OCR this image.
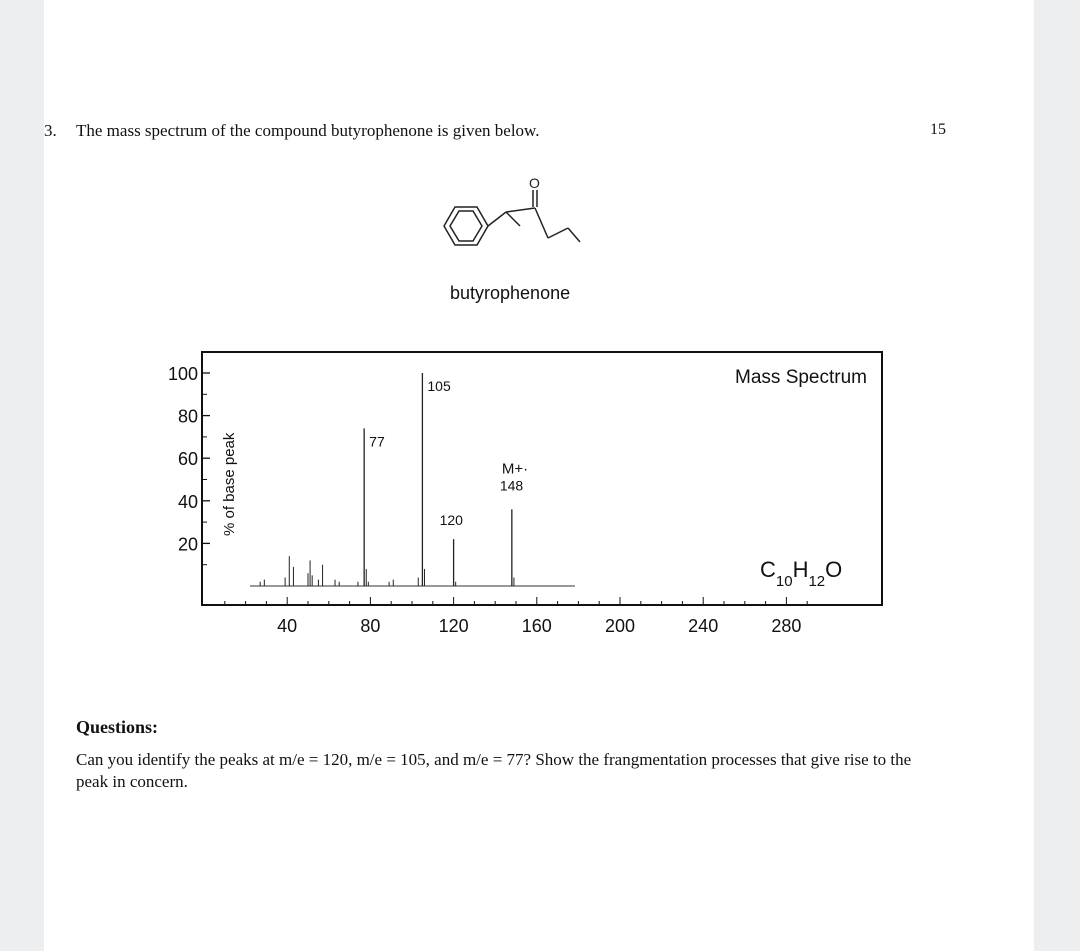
3. The mass spectrum of the compound butyrophenone is given below.	15
O
butyrophenone
Mass Spectrum
$C_{10}H_{12}O$
% of base peak
20
40
60
80
100
40	80	120	160	200	240	280
77
105
120
M+·
148
Questions:
Can you identify the peaks at m/e = 120, m/e = 105, and m/e = 77? Show the frangmentation processes that give rise to the peak in concern.
